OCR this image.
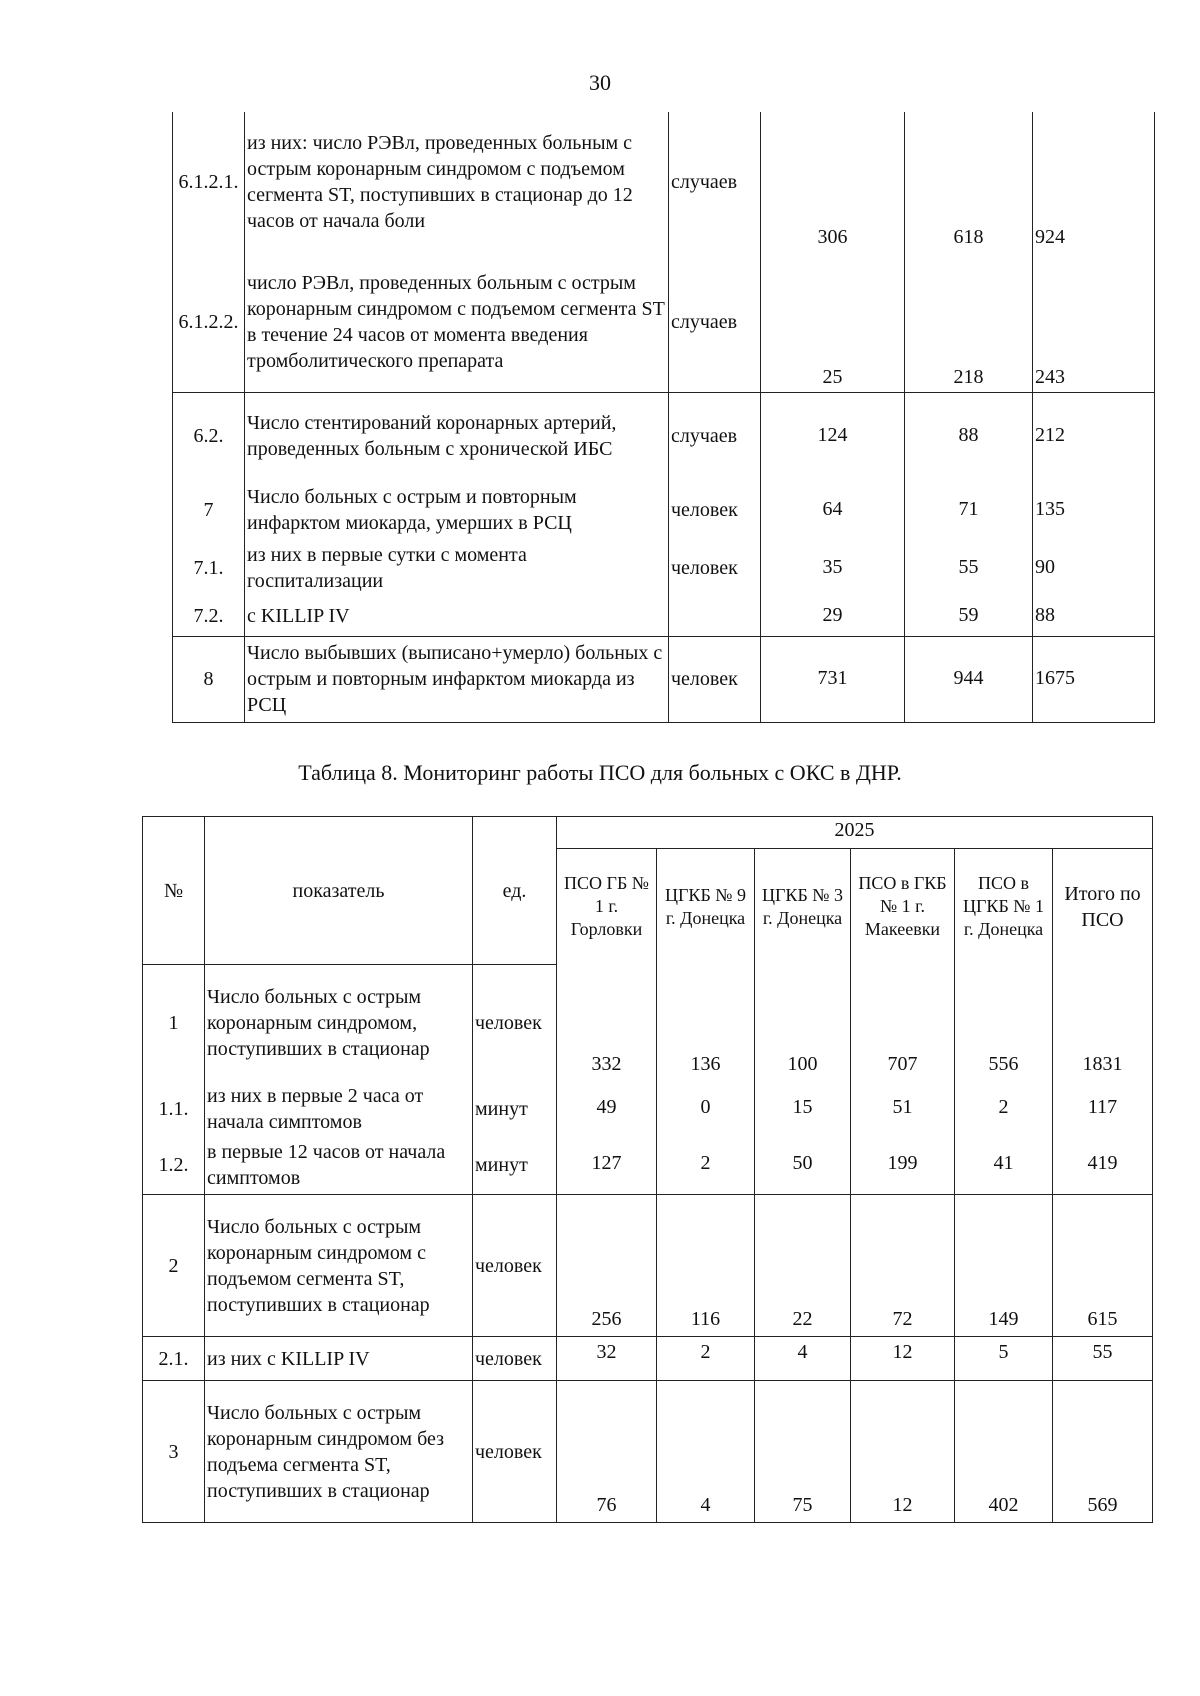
30
6.1.2.1.	из них: число РЭВл, проведенных больным с острым коронарным синдромом с подъемом сегмента ST, поступивших в стационар до 12 часов от начала боли	случаев	306	618	924
6.1.2.2.	число РЭВл, проведенных больным с острым коронарным синдромом с подъемом сегмента ST в течение 24 часов от момента введения тромболитического препарата	случаев	25	218	243
6.2.	Число стентирований коронарных артерий, проведенных больным с хронической ИБС	случаев	124	88	212
7	Число больных с острым и повторным инфарктом миокарда, умерших в РСЦ	человек	64	71	135
7.1.	из них в первые сутки с момента госпитализации	человек	35	55	90
7.2.	с KILLIP IV		29	59	88
8	Число выбывших (выписано+умерло) больных с острым и повторным инфарктом миокарда из РСЦ	человек	731	944	1675
Таблица 8. Мониторинг работы ПСО для больных с ОКС в ДНР.
№	показатель	ед.	2025					
			ПСО ГБ № 1 г. Горловки	ЦГКБ № 9 г. Донецка	ЦГКБ № 3 г. Донецка	ПСО в ГКБ № 1 г. Макеевки	ПСО в ЦГКБ № 1 г. Донецка	Итого по ПСО
1	Число больных с острым коронарным синдромом, поступивших в стационар	человек	332	136	100	707	556	1831
1.1.	из них в первые 2 часа от начала симптомов	минут	49	0	15	51	2	117
1.2.	в первые 12 часов от начала симптомов	минут	127	2	50	199	41	419
2	Число больных с острым коронарным синдромом с подъемом сегмента ST, поступивших в стационар	человек	256	116	22	72	149	615
2.1.	из них с KILLIP IV	человек	32	2	4	12	5	55
3	Число больных с острым коронарным синдромом без подъема сегмента ST, поступивших в стационар	человек	76	4	75	12	402	569
